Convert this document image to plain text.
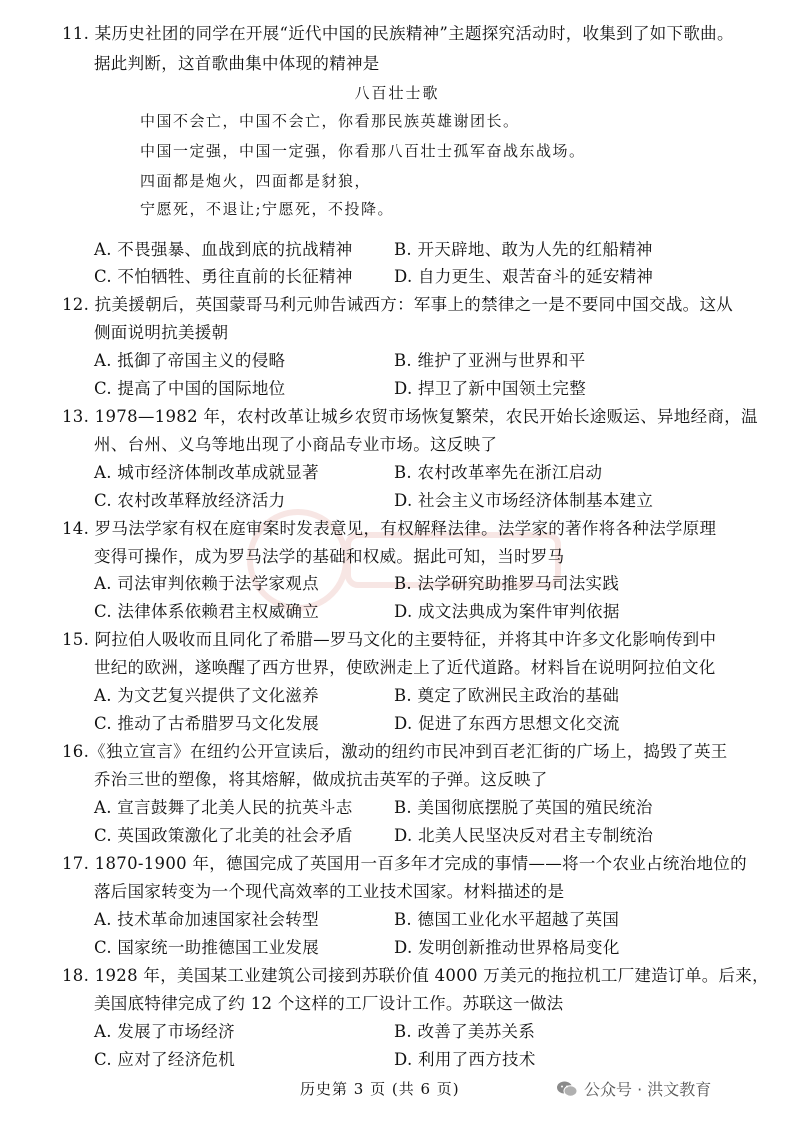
11. 某历史社团的同学在开展“近代中国的民族精神”主题探究活动时，收集到了如下歌曲。
据此判断，这首歌曲集中体现的精神是
八百壮士歌
中国不会亡，中国不会亡，你看那民族英雄谢团长。
中国一定强，中国一定强，你看那八百壮士孤军奋战东战场。
四面都是炮火，四面都是豺狼，
宁愿死，不退让;宁愿死，不投降。
A. 不畏强暴、血战到底的抗战精神	B. 开天辟地、敢为人先的红船精神
C. 不怕牺牲、勇往直前的长征精神	D. 自力更生、艰苦奋斗的延安精神
12. 抗美援朝后，英国蒙哥马利元帅告诫西方：军事上的禁律之一是不要同中国交战。这从
侧面说明抗美援朝
A. 抵御了帝国主义的侵略	B. 维护了亚洲与世界和平
C. 提高了中国的国际地位	D. 捍卫了新中国领土完整
13. 1978—1982 年，农村改革让城乡农贸市场恢复繁荣，农民开始长途贩运、异地经商，温
州、台州、义乌等地出现了小商品专业市场。这反映了
A. 城市经济体制改革成就显著	B. 农村改革率先在浙江启动
C. 农村改革释放经济活力	D. 社会主义市场经济体制基本建立
14. 罗马法学家有权在庭审案时发表意见，有权解释法律。法学家的著作将各种法学原理
变得可操作，成为罗马法学的基础和权威。据此可知，当时罗马
A. 司法审判依赖于法学家观点	B. 法学研究助推罗马司法实践
C. 法律体系依赖君主权威确立	D. 成文法典成为案件审判依据
15. 阿拉伯人吸收而且同化了希腊—罗马文化的主要特征，并将其中许多文化影响传到中
世纪的欧洲，遂唤醒了西方世界，使欧洲走上了近代道路。材料旨在说明阿拉伯文化
A. 为文艺复兴提供了文化滋养	B. 奠定了欧洲民主政治的基础
C. 推动了古希腊罗马文化发展	D. 促进了东西方思想文化交流
16.《独立宣言》在纽约公开宣读后，激动的纽约市民冲到百老汇街的广场上，捣毁了英王
乔治三世的塑像，将其熔解，做成抗击英军的子弹。这反映了
A. 宣言鼓舞了北美人民的抗英斗志	B. 美国彻底摆脱了英国的殖民统治
C. 英国政策激化了北美的社会矛盾	D. 北美人民坚决反对君主专制统治
17. 1870-1900 年，德国完成了英国用一百多年才完成的事情——将一个农业占统治地位的
落后国家转变为一个现代高效率的工业技术国家。材料描述的是
A. 技术革命加速国家社会转型	B. 德国工业化水平超越了英国
C. 国家统一助推德国工业发展	D. 发明创新推动世界格局变化
18. 1928 年，美国某工业建筑公司接到苏联价值 4000 万美元的拖拉机工厂建造订单。后来，
美国底特律完成了约 12 个这样的工厂设计工作。苏联这一做法
A. 发展了市场经济	B. 改善了美苏关系
C. 应对了经济危机	D. 利用了西方技术
历史第 3 页 (共 6 页)	公众号 · 洪文教育
